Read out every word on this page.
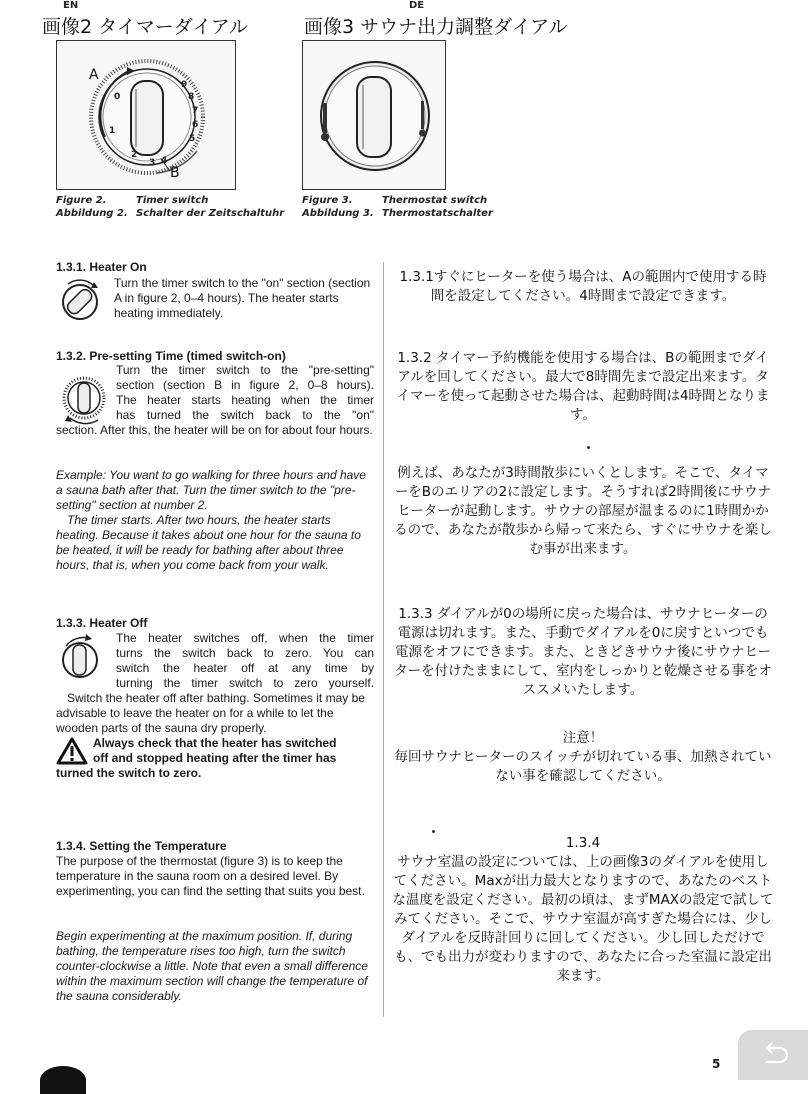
EN	DE
画像2 タイマーダイアル	画像3 サウナ出力調整ダイアル
9
8
7
6
5
4
3
2
1
0
A
B
Figure 2.	Timer switch
Abbildung 2. Schalter der Zeitschaltuhr
Figure 3.	Thermostat switch
Abbildung 3. Thermostatschalter
1.3.1. Heater On
Turn the timer switch to the "on" section (section A in figure 2, 0–4 hours). The heater starts heating immediately.
1.3.1すぐにヒーターを使う場合は、Aの範囲内で使用する時間を設定してください。4時間まで設定できます。
1.3.2. Pre-setting Time (timed switch-on)
Turn the timer switch to the "pre-setting"
section (section B in figure 2, 0–8 hours).
The heater starts heating when the timer
has turned the switch back to the "on"
section. After this, the heater will be on for about four hours.
Example: You want to go walking for three hours and have a sauna bath after that. Turn the timer switch to the "pre-setting" section at number 2.
The timer starts. After two hours, the heater starts heating. Because it takes about one hour for the sauna to be heated, it will be ready for bathing after about three hours, that is, when you come back from your walk.
1.3.2 タイマー予約機能を使用する場合は、Bの範囲までダイアルを回してください。最大で8時間先まで設定出来ます。タイマーを使って起動させた場合は、起動時間は4時間となります。
例えば、あなたが3時間散歩にいくとします。そこで、タイマーをBのエリアの2に設定します。そうすれば2時間後にサウナヒーターが起動します。サウナの部屋が温まるのに1時間かかるので、あなたが散歩から帰って来たら、すぐにサウナを楽しむ事が出来ます。
1.3.3. Heater Off
The heater switches off, when the timer
turns the switch back to zero. You can
switch the heater off at any time by
turning the timer switch to zero yourself.
Switch the heater off after bathing. Sometimes it may be advisable to leave the heater on for a while to let the wooden parts of the sauna dry properly.
Always check that the heater has switched
off and stopped heating after the timer has
turned the switch to zero.
1.3.3 ダイアルが0の場所に戻った場合は、サウナヒーターの電源は切れます。また、手動でダイアルを0に戻すといつでも電源をオフにできます。また、ときどきサウナ後にサウナヒーターを付けたままにして、室内をしっかりと乾燥させる事をオススメいたします。
注意！
毎回サウナヒーターのスイッチが切れている事、加熱されていない事を確認してください。
1.3.4. Setting the Temperature
The purpose of the thermostat (figure 3) is to keep the temperature in the sauna room on a desired level. By experimenting, you can find the setting that suits you best.
Begin experimenting at the maximum position. If, during bathing, the temperature rises too high, turn the switch counter-clockwise a little. Note that even a small difference within the maximum section will change the temperature of the sauna considerably.
1.3.4
サウナ室温の設定については、上の画像3のダイアルを使用してください。Maxが出力最大となりますので、あなたのベストな温度を設定ください。最初の頃は、まずMAXの設定で試してみてください。そこで、サウナ室温が高すぎた場合には、少しダイアルを反時計回りに回してください。少し回しただけでも、でも出力が変わりますので、あなたに合った室温に設定出来ます。
5
